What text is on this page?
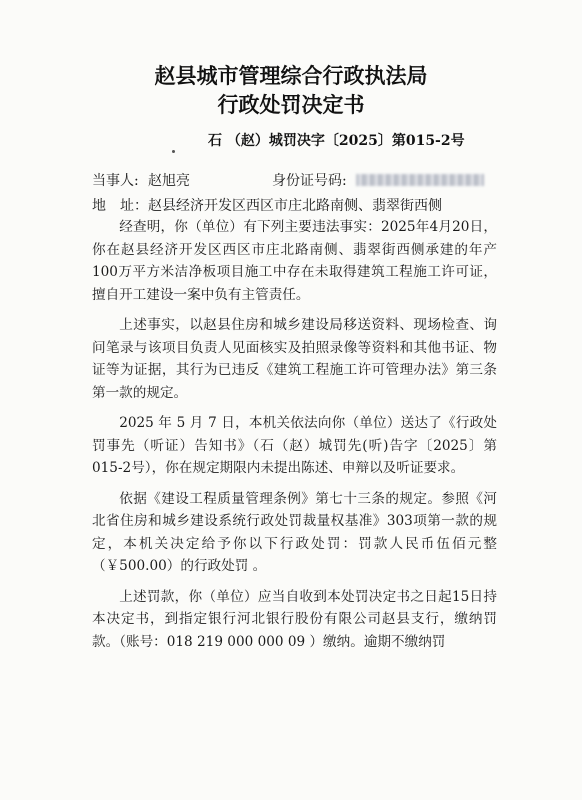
赵县城市管理综合行政执法局
行政处罚决定书
石 （赵）城罚决字〔2025〕第015-2号
当事人: 赵旭亮	身份证号码:
地　址： 赵县经济开发区西区市庄北路南侧、翡翠街西侧

经查明，你（单位）有下列主要违法事实：2025年4月20日，你在赵县经济开发区西区市庄北路南侧、翡翠街西侧承建的年产100万平方米洁净板项目施工中存在未取得建筑工程施工许可证，擅自开工建设一案中负有主管责任。

上述事实，以赵县住房和城乡建设局移送资料、现场检查、询问笔录与该项目负责人见面核实及拍照录像等资料和其他书证、物证等为证据，其行为已违反《建筑工程施工许可管理办法》第三条第一款的规定。

2025 年 5 月 7 日，本机关依法向你（单位）送达了《行政处罚事先（听证）告知书》（石（赵）城罚先(听)告字〔2025〕第015-2号），你在规定期限内未提出陈述、申辩以及听证要求。

依据《建设工程质量管理条例》第七十三条的规定。参照《河北省住房和城乡建设系统行政处罚裁量权基准》303项第一款的规定，本机关决定给予你以下行政处罚：罚款人民币伍佰元整（￥500.00）的行政处罚 。

上述罚款，你（单位）应当自收到本处罚决定书之日起15日持本决定书，到指定银行河北银行股份有限公司赵县支行，缴纳罚款。（账号：018 219 000 000 09 ）缴纳。逾期不缴纳罚
